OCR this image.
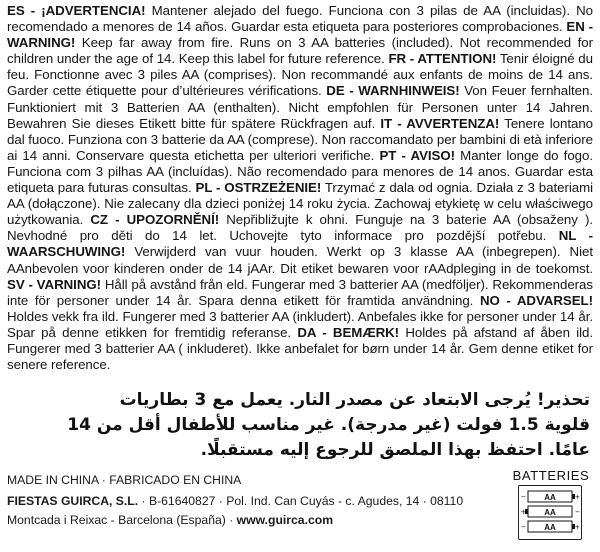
ES - ¡ADVERTENCIA! Mantener alejado del fuego. Funciona con 3 pilas de AA (incluidas). No recomendado a menores de 14 años. Guardar esta etiqueta para posteriores comprobaciones. EN - WARNING! Keep far away from fire. Runs on 3 AA batteries (included). Not recommended for children under the age of 14. Keep this label for future reference. FR - ATTENTION! Tenir éloigné du feu. Fonctionne avec 3 piles AA (comprises). Non recommandé aux enfants de moins de 14 ans. Garder cette étiquette pour d’ultérieures vérifications. DE - WARNHINWEIS! Von Feuer fernhalten. Funktioniert mit 3 Batterien AA (enthalten). Nicht empfohlen für Personen unter 14 Jahren. Bewahren Sie dieses Etikett bitte für spätere Rückfragen auf. IT - AVVERTENZA! Tenere lontano dal fuoco. Funziona con 3 batterie da AA (comprese). Non raccomandato per bambini di età inferiore ai 14 anni. Conservare questa etichetta per ulteriori verifiche. PT - AVISO! Manter longe do fogo. Funciona com 3 pilhas AA (incluídas). Não recomendado para menores de 14 anos. Guardar esta etiqueta para futuras consultas. PL - OSTRZEŻENIE! Trzymać z dala od ognia. Działa z 3 bateriami AA (dołączone). Nie zalecany dla dzieci poniżej 14 roku życia. Zachowaj etykietę w celu właściwego użytkowania. CZ - UPOZORNĚNÍ! Nepřibližujte k ohni. Funguje na 3 baterie AA (obsaženy ). Nevhodné pro děti do 14 let. Uchovejte tyto informace pro pozdější potřebu. NL - WAARSCHUWING! Verwijderd van vuur houden. Werkt op 3 klasse AA (inbegrepen). Niet AAnbevolen voor kinderen onder de 14 jAAr. Dit etiket bewaren voor rAAdpleging in de toekomst. SV - VARNING! Håll på avstånd från eld. Fungerar med 3 batterier AA (medföljer). Rekommenderas inte för personer under 14 år. Spara denna etikett för framtida användning. NO - ADVARSEL! Holdes vekk fra ild. Fungerer med 3 batterier AA (inkludert). Anbefales ikke for personer under 14 år. Spar på denne etikken for fremtidig referanse. DA - BEMÆRK! Holdes på afstand af åben ild. Fungerer med 3 batterier AA ( inkluderet). Ikke anbefalet for børn under 14 år. Gem denne etiket for senere reference.
تحذير! يُرجى الابتعاد عن مصدر النار. يعمل مع 3 بطاريات
قلوية 1.5 فولت (غير مدرجة). غير مناسب للأطفال أقل من 14
عامًا. احتفظ بهذا الملصق للرجوع إليه مستقبلًا.
MADE IN CHINA · FABRICADO EN CHINA
FIESTAS GUIRCA, S.L. · B-61640827 · Pol. Ind. Can Cuyás - c. Agudes, 14 · 08110
Montcada i Reixac - Barcelona (España) · www.guirca.com
BATTERIES
AA
−	+
AA
+	−
AA
−	+
